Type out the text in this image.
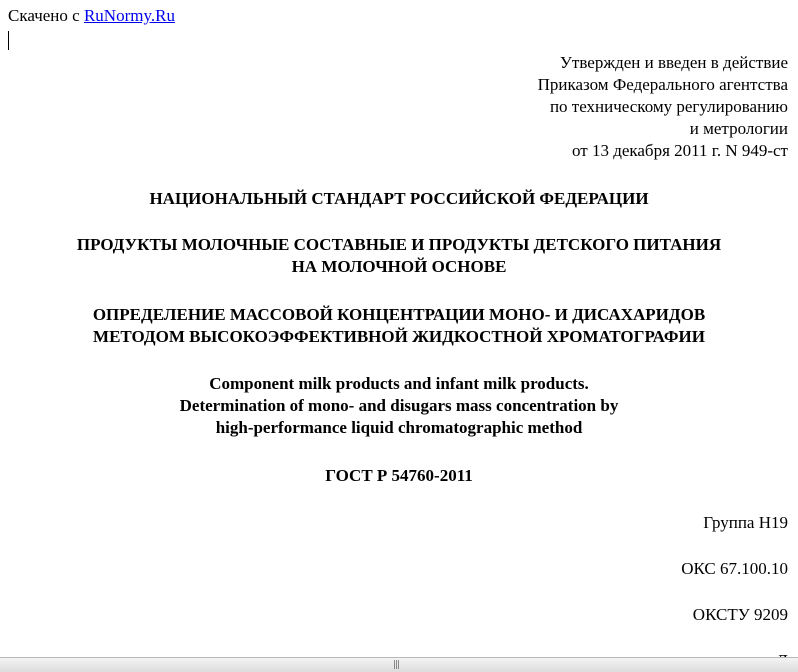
Скачено с RuNormy.Ru
Утвержден и введен в действие
Приказом Федерального агентства
по техническому регулированию
и метрологии
от 13 декабря 2011 г. N 949-ст
НАЦИОНАЛЬНЫЙ СТАНДАРТ РОССИЙСКОЙ ФЕДЕРАЦИИ
ПРОДУКТЫ МОЛОЧНЫЕ СОСТАВНЫЕ И ПРОДУКТЫ ДЕТСКОГО ПИТАНИЯ
НА МОЛОЧНОЙ ОСНОВЕ
ОПРЕДЕЛЕНИЕ МАССОВОЙ КОНЦЕНТРАЦИИ МОНО- И ДИСАХАРИДОВ
МЕТОДОМ ВЫСОКОЭФФЕКТИВНОЙ ЖИДКОСТНОЙ ХРОМАТОГРАФИИ
Component milk products and infant milk products.
Determination of mono- and disugars mass concentration by
high-performance liquid chromatographic method
ГОСТ Р 54760-2011
Группа Н19
ОКС 67.100.10
ОКСТУ 9209
|||
